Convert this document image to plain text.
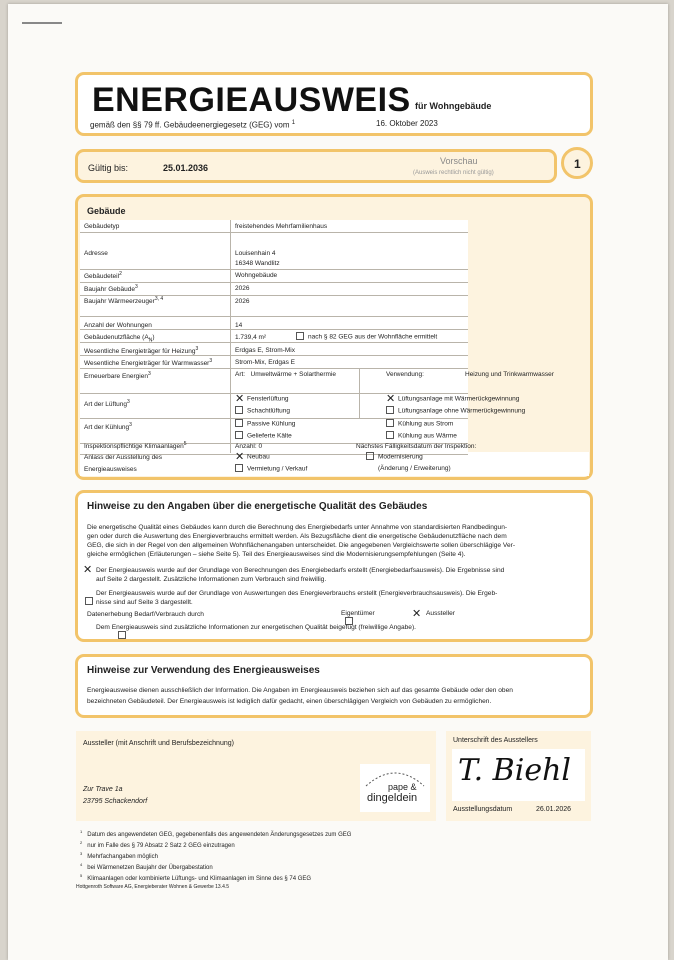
ENERGIEAUSWEIS für Wohngebäude
gemäß den §§ 79 ff. Gebäudeenergiegesetz (GEG) vom $^1$	16. Oktober 2023
Gültig bis:	25.01.2036
Vorschau
(Ausweis rechtlich nicht gültig)
1
Gebäude
Gebäudetyp	freistehendes Mehrfamilienhaus
Adresse	Louisenhain 4
16348 Wandlitz
Gebäudeteil$^2$	Wohngebäude
Baujahr Gebäude$^3$	2026
Baujahr Wärmeerzeuger$^{3, 4}$	2026
Anzahl der Wohnungen	14
Gebäudenutzfläche $(A_N)$	1.739,4 m²	nach § 82 GEG aus der Wohnfläche ermittelt
Wesentliche Energieträger für Heizung$^3$	Erdgas E, Strom-Mix
Wesentliche Energieträger für Warmwasser$^3$	Strom-Mix, Erdgas E
Erneuerbare Energien$^3$	Art: Umweltwärme + Solarthermie	Verwendung:	Heizung und Trinkwarmwasser
Art der Lüftung$^3$	✕ Fensterlüftung
Schachtlüftung
✕ Lüftungsanlage mit Wärmerückgewinnung
Lüftungsanlage ohne Wärmerückgewinnung
Art der Kühlung$^3$	Passive Kühlung
Gelieferte Kälte
Kühlung aus Strom
Kühlung aus Wärme
Inspektionspflichtige Klimaanlagen$^5$	Anzahl: 0	Nächstes Fälligkeitsdatum der Inspektion:
Anlass der Ausstellung des
Energieausweises
✕ Neubau
Vermietung / Verkauf
Modernisierung
(Änderung / Erweiterung)
Hinweise zu den Angaben über die energetische Qualität des Gebäudes
Die energetische Qualität eines Gebäudes kann durch die Berechnung des Energiebedarfs unter Annahme von standardisierten Randbedingun-
gen oder durch die Auswertung des Energieverbrauchs ermittelt werden. Als Bezugsfläche dient die energetische Gebäudenutzfläche nach dem
GEG, die sich in der Regel von den allgemeinen Wohnflächenangaben unterscheidet. Die angegebenen Vergleichswerte sollen überschlägige Ver-
gleiche ermöglichen (Erläuterungen – siehe Seite 5). Teil des Energieausweises sind die Modernisierungsempfehlungen (Seite 4).
✕ Der Energieausweis wurde auf der Grundlage von Berechnungen des Energiebedarfs erstellt (Energiebedarfsausweis). Die Ergebnisse sind
auf Seite 2 dargestellt. Zusätzliche Informationen zum Verbrauch sind freiwillig.

Der Energieausweis wurde auf der Grundlage von Auswertungen des Energieverbrauchs erstellt (Energieverbrauchsausweis). Die Ergeb-
nisse sind auf Seite 3 dargestellt.
Datenerhebung Bedarf/Verbrauch durch
	Eigentümer	✕ Aussteller
Dem Energieausweis sind zusätzliche Informationen zur energetischen Qualität beigefügt (freiwillige Angabe).
Hinweise zur Verwendung des Energieausweises
Energieausweise dienen ausschließlich der Information. Die Angaben im Energieausweis beziehen sich auf das gesamte Gebäude oder den oben
bezeichneten Gebäudeteil. Der Energieausweis ist lediglich dafür gedacht, einen überschlägigen Vergleich von Gebäuden zu ermöglichen.
Aussteller (mit Anschrift und Berufsbezeichnung)
Zur Trave 1a
23795 Schackendorf
pape &
dingeldein
Unterschrift des Ausstellers
T. Biehl
Ausstellungsdatum	26.01.2026
$^1$   Datum des angewendeten GEG, gegebenenfalls des angewendeten Änderungsgesetzes zum GEG
$^2$   nur im Falle des § 79 Absatz 2 Satz 2 GEG einzutragen
$^3$   Mehrfachangaben möglich
$^4$   bei Wärmenetzen Baujahr der Übergabestation
$^5$   Klimaanlagen oder kombinierte Lüftungs- und Klimaanlagen im Sinne des § 74 GEG
Hottgenroth Software AG, Energieberater Wohnen & Gewerbe 13.4.5
